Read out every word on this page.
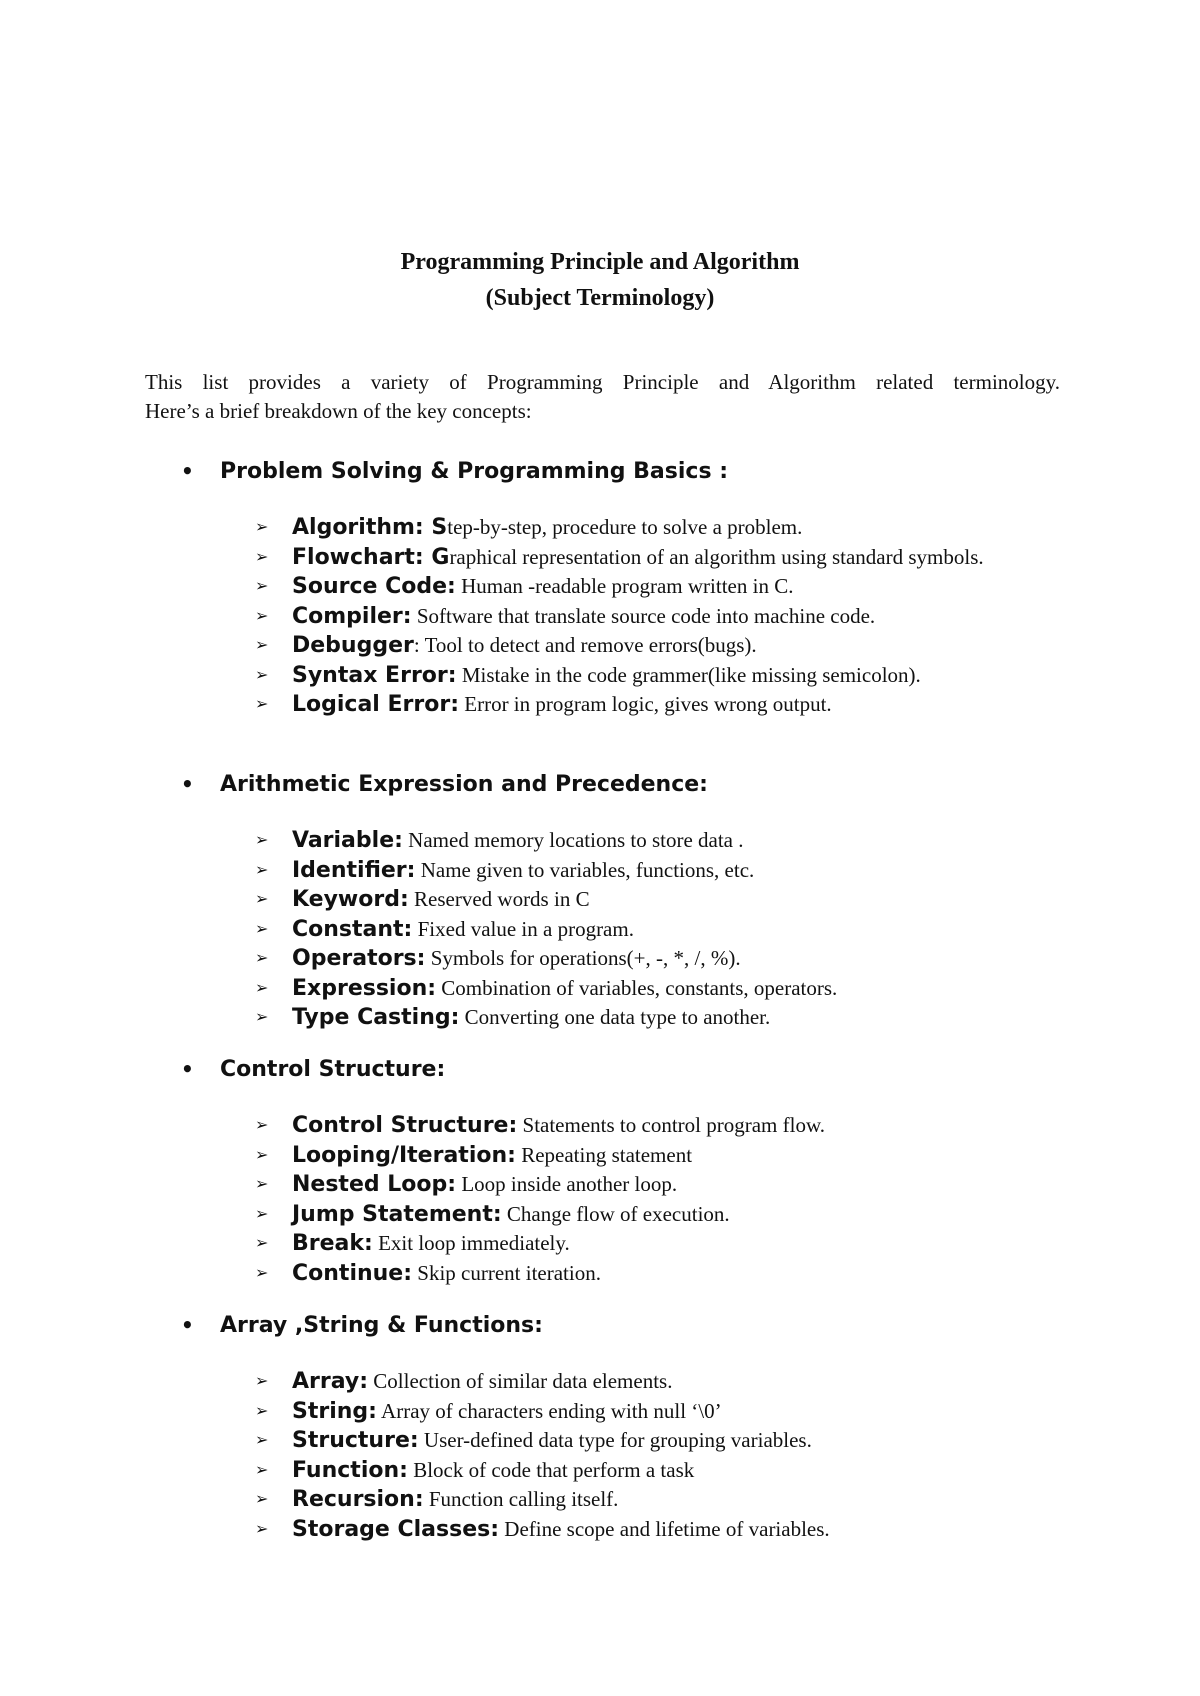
Programming Principle and Algorithm
(Subject Terminology)
This list provides a variety of Programming Principle and Algorithm related terminology.
Here’s a brief breakdown of the key concepts:
•	Problem Solving & Programming Basics :
➢	Algorithm: Step-by-step, procedure to solve a problem.
➢	Flowchart: Graphical representation of an algorithm using standard symbols.
➢	Source Code: Human -readable program written in C.
➢	Compiler: Software that translate source code into machine code.
➢	Debugger: Tool to detect and remove errors(bugs).
➢	Syntax Error: Mistake in the code grammer(like missing semicolon).
➢	Logical Error: Error in program logic, gives wrong output.
•	Arithmetic Expression and Precedence:
➢	Variable: Named memory locations to store data .
➢	Identifier: Name given to variables, functions, etc.
➢	Keyword: Reserved words in C
➢	Constant: Fixed value in a program.
➢	Operators: Symbols for operations(+, -, *, /, %).
➢	Expression: Combination of variables, constants, operators.
➢	Type Casting: Converting one data type to another.
•	Control Structure:
➢	Control Structure: Statements to control program flow.
➢	Looping/Iteration: Repeating statement
➢	Nested Loop: Loop inside another loop.
➢	Jump Statement: Change flow of execution.
➢	Break: Exit loop immediately.
➢	Continue: Skip current iteration.
•	Array ,String & Functions:
➢	Array: Collection of similar data elements.
➢	String: Array of characters ending with null ‘\0’
➢	Structure: User-defined data type for grouping variables.
➢	Function: Block of code that perform a task
➢	Recursion: Function calling itself.
➢	Storage Classes: Define scope and lifetime of variables.
